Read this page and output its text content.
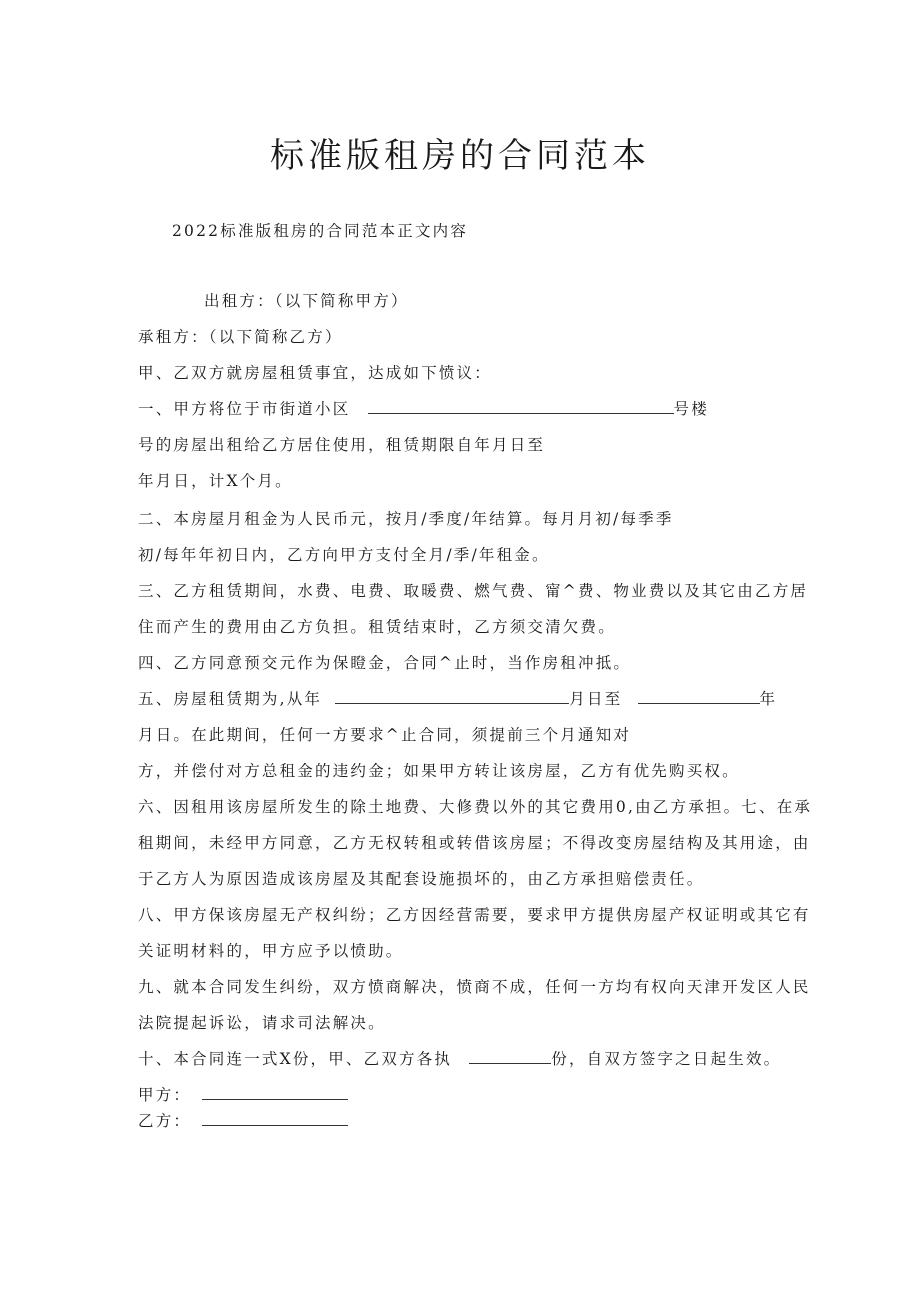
标准版租房的合同范本
2022标准版租房的合同范本正文内容
出租方：（以下简称甲方）
承租方：（以下简称乙方）
甲、乙双方就房屋租赁事宜，达成如下愤议：
一、甲方将位于市街道小区	号楼
号的房屋出租给乙方居住使用，租赁期限自年月日至
年月日，计X个月。
二、本房屋月租金为人民币元，按月/季度/年结算。每月月初/每季季
初/每年年初日内，乙方向甲方支付全月/季/年租金。
三、乙方租赁期间，水费、电费、取暖费、燃气费、甯^费、物业费以及其它由乙方居
住而产生的费用由乙方负担。租赁结束时，乙方须交清欠费。
四、乙方同意预交元作为保瞪金，合同^止时，当作房租冲抵。
五、房屋租赁期为,从年	月日至	年
月日。在此期间，任何一方要求^止合同，须提前三个月通知对
方，并偿付对方总租金的违约金；如果甲方转让该房屋，乙方有优先购买权。
六、因租用该房屋所发生的除土地费、大修费以外的其它费用0,由乙方承担。七、在承
租期间，未经甲方同意，乙方无权转租或转借该房屋；不得改变房屋结构及其用途，由
于乙方人为原因造成该房屋及其配套设施损坏的，由乙方承担赔偿责任。
八、甲方保该房屋无产权纠纷；乙方因经营需要，要求甲方提供房屋产权证明或其它有
关证明材料的，甲方应予以愤助。
九、就本合同发生纠纷，双方愤商解决，愤商不成，任何一方均有权向天津开发区人民
法院提起诉讼，请求司法解决。
十、本合同连一式X份，甲、乙双方各执	份，自双方签字之日起生效。
甲方：
乙方：
